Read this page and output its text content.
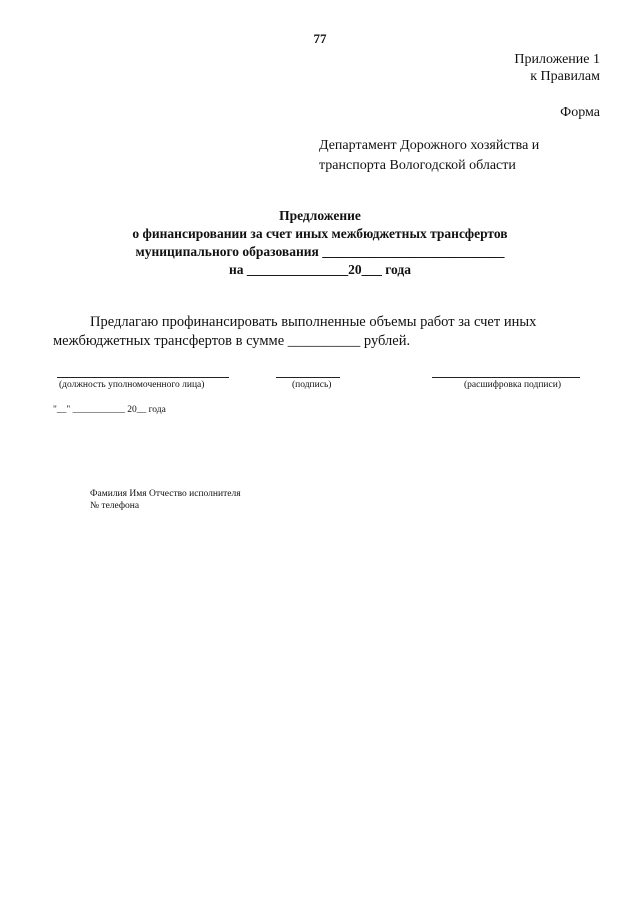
77
Приложение 1
к Правилам
Форма
Департамент Дорожного хозяйства и
транспорта Вологодской области
Предложение
о финансировании за счет иных межбюджетных трансфертов
муниципального образования ___________________________
на _______________20___ года
Предлагаю профинансировать выполненные объемы работ за счет иных
межбюджетных трансфертов в сумме __________ рублей.
(должность уполномоченного лица)	(подпись)	(расшифровка подписи)
"__" ___________ 20__ года
Фамилия Имя Отчество исполнителя
№ телефона
